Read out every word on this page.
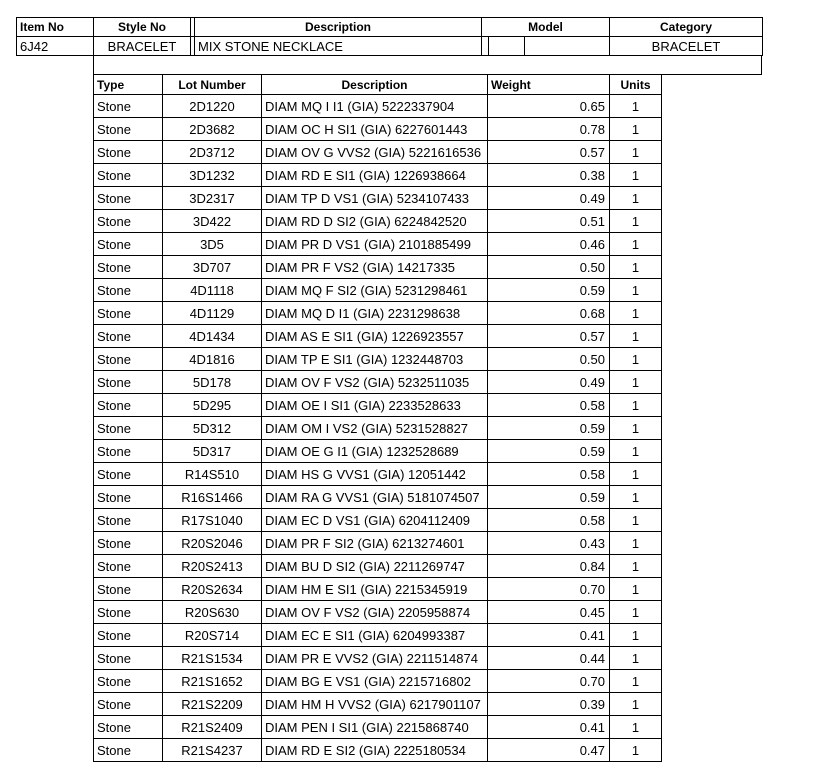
Item No	Style No		Description	Model			Category
6J42	BRACELET		MIX STONE NECKLACE				BRACELET
Type	Lot Number	Description	Weight	Units
Stone	2D1220	DIAM MQ I I1 (GIA) 5222337904	0.65	1
Stone	2D3682	DIAM OC H SI1 (GIA) 6227601443	0.78	1
Stone	2D3712	DIAM OV G VVS2 (GIA) 5221616536	0.57	1
Stone	3D1232	DIAM RD E SI1 (GIA) 1226938664	0.38	1
Stone	3D2317	DIAM TP D VS1 (GIA) 5234107433	0.49	1
Stone	3D422	DIAM RD D SI2 (GIA) 6224842520	0.51	1
Stone	3D5	DIAM PR D VS1 (GIA) 2101885499	0.46	1
Stone	3D707	DIAM PR F VS2 (GIA) 14217335	0.50	1
Stone	4D1118	DIAM MQ F SI2 (GIA) 5231298461	0.59	1
Stone	4D1129	DIAM MQ D I1 (GIA) 2231298638	0.68	1
Stone	4D1434	DIAM AS E SI1 (GIA) 1226923557	0.57	1
Stone	4D1816	DIAM TP E SI1 (GIA) 1232448703	0.50	1
Stone	5D178	DIAM OV F VS2 (GIA) 5232511035	0.49	1
Stone	5D295	DIAM OE I SI1 (GIA) 2233528633	0.58	1
Stone	5D312	DIAM OM I VS2 (GIA) 5231528827	0.59	1
Stone	5D317	DIAM OE G I1 (GIA) 1232528689	0.59	1
Stone	R14S510	DIAM HS G VVS1 (GIA) 12051442	0.58	1
Stone	R16S1466	DIAM RA G VVS1 (GIA) 5181074507	0.59	1
Stone	R17S1040	DIAM EC D VS1 (GIA) 6204112409	0.58	1
Stone	R20S2046	DIAM PR F SI2 (GIA) 6213274601	0.43	1
Stone	R20S2413	DIAM BU D SI2 (GIA) 2211269747	0.84	1
Stone	R20S2634	DIAM HM E SI1 (GIA) 2215345919	0.70	1
Stone	R20S630	DIAM OV F VS2 (GIA) 2205958874	0.45	1
Stone	R20S714	DIAM EC E SI1 (GIA) 6204993387	0.41	1
Stone	R21S1534	DIAM PR E VVS2 (GIA) 2211514874	0.44	1
Stone	R21S1652	DIAM BG E VS1 (GIA) 2215716802	0.70	1
Stone	R21S2209	DIAM HM H VVS2 (GIA) 6217901107	0.39	1
Stone	R21S2409	DIAM PEN I SI1 (GIA) 2215868740	0.41	1
Stone	R21S4237	DIAM RD E SI2 (GIA) 2225180534	0.47	1
